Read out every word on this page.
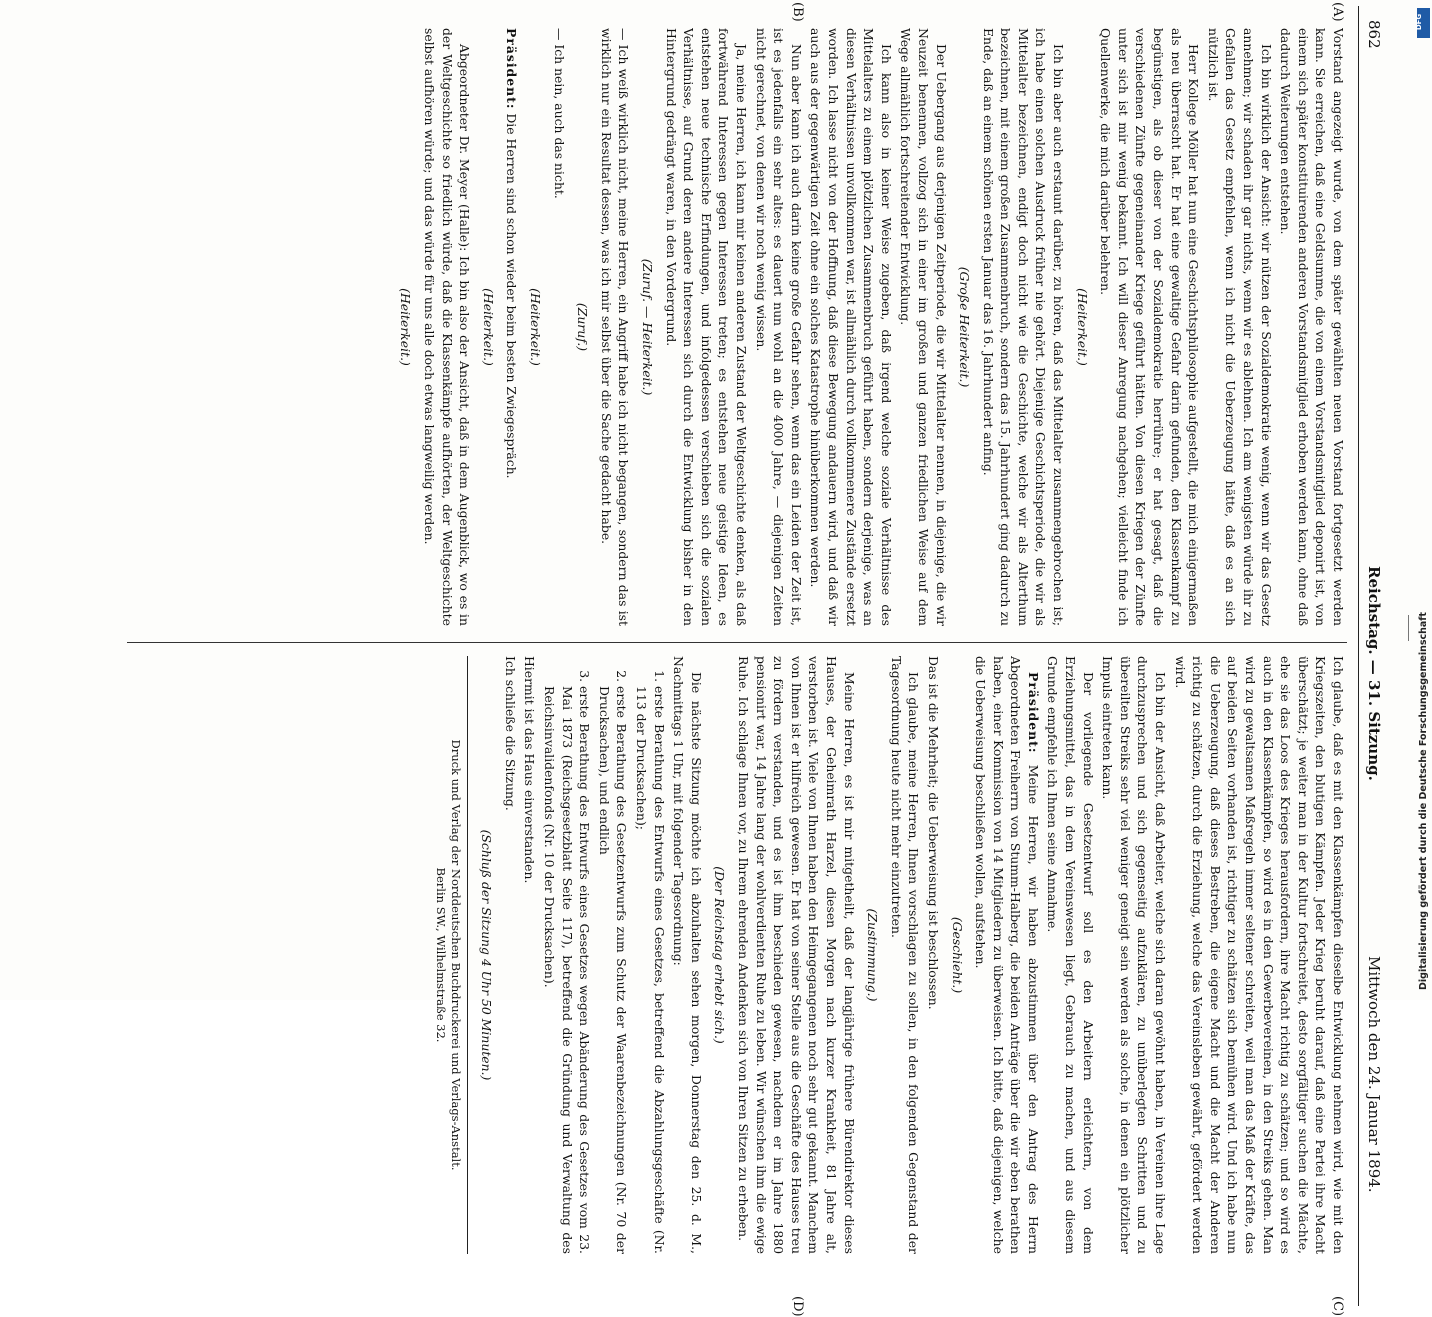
862
Reichstag. — 31. Sitzung.
Mittwoch den 24. Januar 1894.
(A)
(B)
(C)
(D)

Vorstand angezeigt wurde, von dem später gewählten neuen Vorstand fortgesetzt werden kann. Sie erreichen, daß eine Geldsumme, die von einem Vorstandsmitglied deponirt ist, von einem sich später konstituirenden anderen Vorstandsmitglied erhoben werden kann, ohne daß dadurch Weiterungen entstehen.

Ich bin wirklich der Ansicht: wir nützen der Sozialdemokratie wenig, wenn wir das Gesetz annehmen; wir schaden ihr gar nichts, wenn wir es ablehnen. Ich am wenigsten würde ihr zu Gefallen das Gesetz empfehlen, wenn ich nicht die Ueberzeugung hätte, daß es an sich nützlich ist.

Herr Kollege Möller hat nun eine Geschichtsphilosophie aufgestellt, die mich einigermaßen als neu überrascht hat. Er hat eine gewaltige Gefahr darin gefunden, den Klassenkampf zu begünstigen, als ob dieser von der Sozialdemokratie herrühre; er hat gesagt, daß die verschiedenen Zünfte gegeneinander Kriege geführt hätten. Von diesen Kriegen der Zünfte unter sich ist mir wenig bekannt. Ich will dieser Anregung nachgehen; vielleicht finde ich Quellenwerke, die mich darüber belehren.

(Heiterkeit.)

Ich bin aber auch erstaunt darüber, zu hören, daß das Mittelalter zusammengebrochen ist; ich habe einen solchen Ausdruck früher nie gehört. Diejenige Geschichtsperiode, die wir als Mittelalter bezeichnen, endigt doch nicht wie die Geschichte, welche wir als Alterthum bezeichnen, mit einem großen Zusammenbruch, sondern das 15. Jahrhundert ging dadurch zu Ende, daß an einem schönen ersten Januar das 16. Jahrhundert anfing.

(Große Heiterkeit.)

Der Uebergang aus derjenigen Zeitperiode, die wir Mittelalter nennen, in diejenige, die wir Neuzeit benennen, vollzog sich in einer im großen und ganzen friedlichen Weise auf dem Wege allmählich fortschreitender Entwicklung.

Ich kann also in keiner Weise zugeben, daß irgend welche soziale Verhältnisse des Mittelalters zu einem plötzlichen Zusammenbruch geführt haben, sondern derjenige, was an diesen Verhältnissen unvollkommen war, ist allmählich durch vollkommenere Zustände ersetzt worden. Ich lasse nicht von der Hoffnung, daß diese Bewegung andauern wird, und daß wir auch aus der gegenwärtigen Zeit ohne ein solches Katastrophe hinüberkommen werden.

Nun aber kann ich auch darin keine große Gefahr sehen, wenn das ein Leiden der Zeit ist, ist es jedenfalls ein sehr altes: es dauert nun wohl an die 4000 Jahre, — diejenigen Zeiten nicht gerechnet, von denen wir noch wenig wissen.

Ja, meine Herren, ich kann mir keinen anderen Zustand der Weltgeschichte denken, als daß fortwährend Interessen gegen Interessen treten; es entstehen neue geistige Ideen, es entstehen neue technische Erfindungen, und infolgedessen verschieben sich die sozialen Verhältnisse, auf Grund deren andere Interessen sich durch die Entwicklung bisher in den Hintergrund gedrängt waren, in den Vordergrund.

(Zuruf. — Heiterkeit.)

— Ich weiß wirklich nicht, meine Herren, ein Angriff habe ich nicht begangen, sondern das ist wirklich nur ein Resultat dessen, was ich mir selbst über die Sache gedacht habe.

(Zuruf.)

— Ich nein, auch das nicht.

(Heiterkeit.)

Präsident: Die Herren sind schon wieder beim besten Zwiegespräch.

(Heiterkeit.)

Abgeordneter Dr. Meyer (Halle): Ich bin also der Ansicht, daß in dem Augenblick, wo es in der Weltgeschichte so friedlich würde, daß die Klassenkämpfe aufhörten, der Weltgeschichte selbst aufhören würde; und das würde für uns alle doch etwas langweilig werden.

(Heiterkeit.)

Ich glaube, daß es mit den Klassenkämpfen dieselbe Entwicklung nehmen wird, wie mit den Kriegszeiten, den blutigen Kämpfen. Jeder Krieg beruht darauf, daß eine Partei ihre Macht überschätzt; je weiter man in der Kultur fortschreitet, desto sorgfältiger suchen die Mächte, ehe sie das Loos des Krieges herausfordern, ihre Macht richtig zu schätzen; und so wird es auch in den Klassenkämpfen, so wird es in den Gewerbevereinen, in den Streiks gehen. Man wird zu gewaltsamen Maßregeln immer seltener schreiten, weil man das Maß der Kräfte, das auf beiden Seiten vorhanden ist, richtiger zu schätzen sich bemühen wird. Und ich habe nun die Ueberzeugung, daß dieses Bestreben, die eigene Macht und die Macht der Anderen richtig zu schätzen, durch die Erziehung, welche das Vereinsleben gewährt, gefördert werden wird.

Ich bin der Ansicht, daß Arbeiter, welche sich daran gewöhnt haben, in Vereinen ihre Lage durchzusprechen und sich gegenseitig aufzuklären, zu unüberlegten Schritten und zu übereilten Streiks sehr viel weniger geneigt sein werden als solche, in denen ein plötzlicher Impuls eintreten kann.

Der vorliegende Gesetzentwurf soll es den Arbeitern erleichtern, von dem Erziehungsmittel, das in dem Vereinswesen liegt, Gebrauch zu machen, und aus diesem Grunde empfehle ich Ihnen seine Annahme.

Präsident: Meine Herren, wir haben abzustimmen über den Antrag des Herrn Abgeordneten Freiherrn von Stumm-Halberg, die beiden Anträge über die wir eben berathen haben, einer Kommission von 14 Mitgliedern zu überweisen. Ich bitte, daß diejenigen, welche die Ueberweisung beschließen wollen, aufstehen.

(Geschieht.)

Das ist die Mehrheit; die Ueberweisung ist beschlossen.

Ich glaube, meine Herren, Ihnen vorschlagen zu sollen, in den folgenden Gegenstand der Tagesordnung heute nicht mehr einzutreten.

(Zustimmung.)

Meine Herren, es ist mir mitgetheilt, daß der langjährige frühere Bürendirektor dieses Hauses, der Geheimrath Harzel, diesen Morgen nach kurzer Krankheit, 81 Jahre alt, verstorben ist. Viele von Ihnen haben den Heimgegangenen noch sehr gut gekannt. Manchem von Ihnen ist er hilfreich gewesen. Er hat von seiner Stelle aus die Geschäfte des Hauses treu zu fördern verstanden, und es ist ihm beschieden gewesen, nachdem er im Jahre 1880 pensionirt war, 14 Jahre lang der wohlverdienten Ruhe zu leben. Wir wünschen ihm die ewige Ruhe. Ich schlage Ihnen vor, zu Ihrem ehrenden Andenken sich von Ihren Sitzen zu erheben.

(Der Reichstag erhebt sich.)

Die nächste Sitzung möchte ich abzuhalten sehen morgen, Donnerstag den 25. d. M., Nachmittags 1 Uhr, mit folgender Tagesordnung:

1. erste Berathung des Entwurfs eines Gesetzes, betreffend die Abzahlungsgeschäfte (Nr. 113 der Drucksachen);
2. erste Berathung des Gesetzentwurfs zum Schutz der Waarenbezeichnungen (Nr. 70 der Drucksachen), und endlich
3. erste Berathung des Entwurfs eines Gesetzes wegen Abänderung des Gesetzes vom 23. Mai 1873 (Reichsgesetzblatt Seite 117), betreffend die Gründung und Verwaltung des Reichsinvalidenfonds (Nr. 10 der Drucksachen).

Hiermit ist das Haus einverstanden.

Ich schließe die Sitzung.

(Schluß der Sitzung 4 Uhr 50 Minuten.)

Druck und Verlag der Norddeutschen Buchdruckerei und Verlags-Anstalt.
Berlin SW., Wilhelmstraße 32.
DFG
Digitalisierung gefördert durch die Deutsche Forschungsgemeinschaft
